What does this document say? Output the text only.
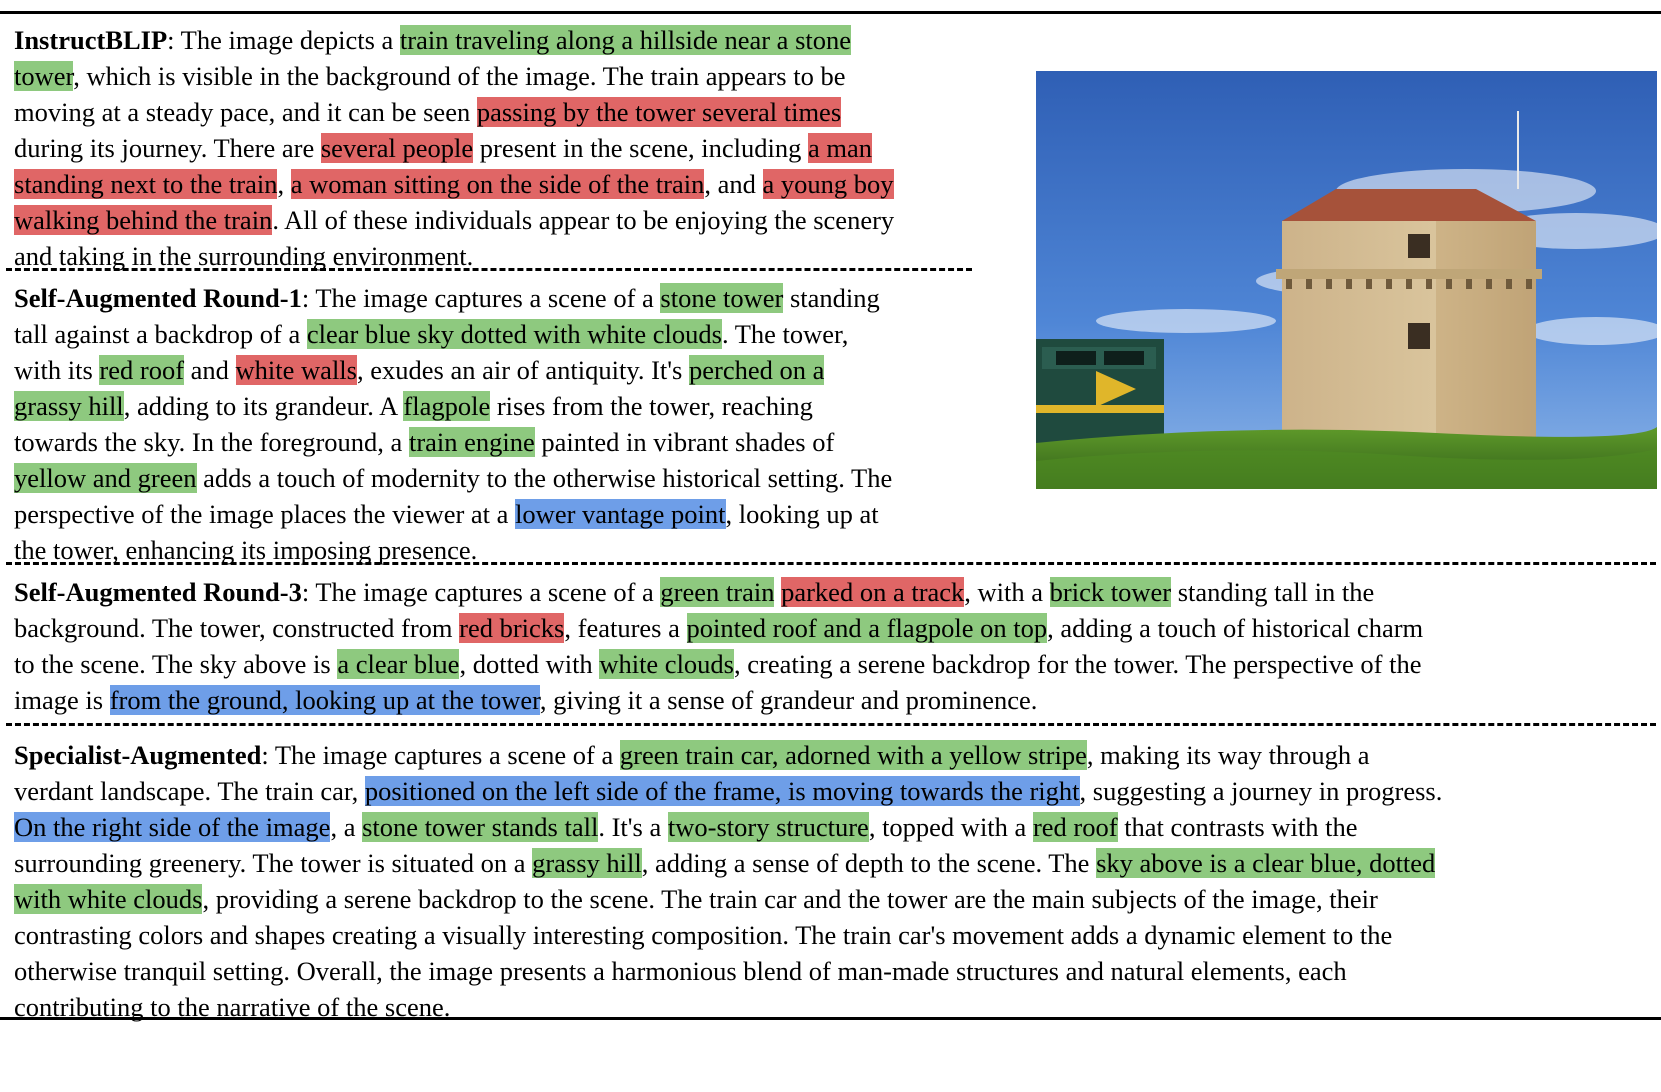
InstructBLIP: The image depicts a train traveling along a hillside near a stone
tower, which is visible in the background of the image. The train appears to be
moving at a steady pace, and it can be seen passing by the tower several times
during its journey. There are several people present in the scene, including a man
standing next to the train, a woman sitting on the side of the train, and a young boy
walking behind the train. All of these individuals appear to be enjoying the scenery
and taking in the surrounding environment.

Self-Augmented Round-1: The image captures a scene of a stone tower standing
tall against a backdrop of a clear blue sky dotted with white clouds. The tower,
with its red roof and white walls, exudes an air of antiquity. It's perched on a
grassy hill, adding to its grandeur. A flagpole rises from the tower, reaching
towards the sky. In the foreground, a train engine painted in vibrant shades of
yellow and green adds a touch of modernity to the otherwise historical setting. The
perspective of the image places the viewer at a lower vantage point, looking up at
the tower, enhancing its imposing presence.

Self-Augmented Round-3: The image captures a scene of a green train parked on a track, with a brick tower standing tall in the
background. The tower, constructed from red bricks, features a pointed roof and a flagpole on top, adding a touch of historical charm
to the scene. The sky above is a clear blue, dotted with white clouds, creating a serene backdrop for the tower. The perspective of the
image is from the ground, looking up at the tower, giving it a sense of grandeur and prominence.

Specialist-Augmented: The image captures a scene of a green train car, adorned with a yellow stripe, making its way through a
verdant landscape. The train car, positioned on the left side of the frame, is moving towards the right, suggesting a journey in progress.
On the right side of the image, a stone tower stands tall. It's a two-story structure, topped with a red roof that contrasts with the
surrounding greenery. The tower is situated on a grassy hill, adding a sense of depth to the scene. The sky above is a clear blue, dotted
with white clouds, providing a serene backdrop to the scene. The train car and the tower are the main subjects of the image, their
contrasting colors and shapes creating a visually interesting composition. The train car's movement adds a dynamic element to the
otherwise tranquil setting. Overall, the image presents a harmonious blend of man-made structures and natural elements, each
contributing to the narrative of the scene.
